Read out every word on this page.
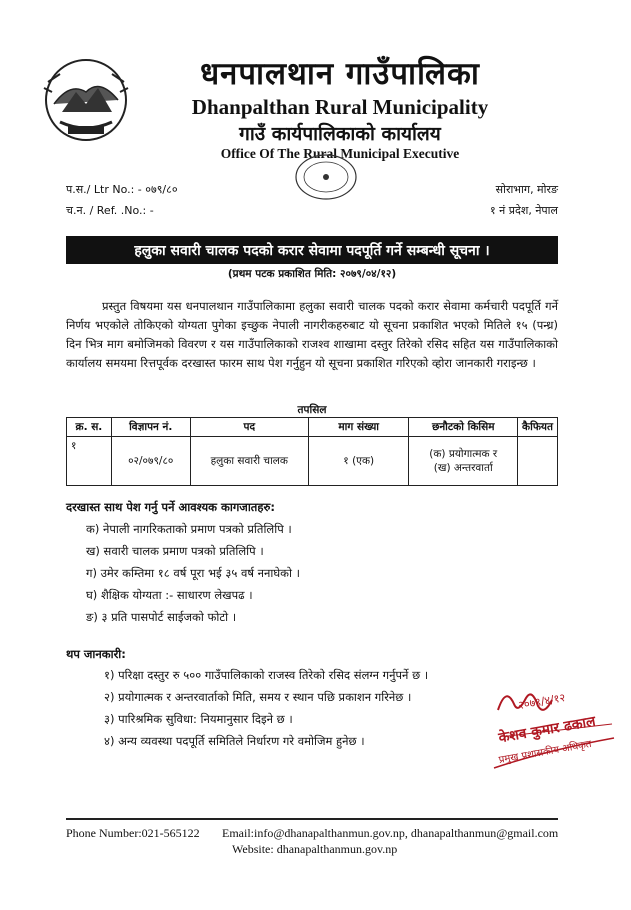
धनपालथान गाउँपालिका
Dhanpalthan Rural Municipality
गाउँ कार्यपालिकाको कार्यालय
Office Of The Rural Municipal Executive
प.स./ Ltr No.: - ०७९/८०
च.न. / Ref. .No.: -
सोराभाग, मोरङ
१ नं प्रदेश, नेपाल
हलुका सवारी चालक पदको करार सेवामा पदपूर्ति गर्ने सम्बन्धी सूचना ।
(प्रथम पटक प्रकाशित मिति: २०७९/०४/१२)
प्रस्तुत विषयमा यस धनपालथान गाउँपालिकामा हलुका सवारी चालक पदको करार सेवामा कर्मचारी पदपूर्ति गर्ने निर्णय भएकोले तोकिएको योग्यता पुगेका इच्छुक नेपाली नागरीकहरुबाट यो सूचना प्रकाशित भएको मितिले १५ (पन्ध्र) दिन भित्र माग बमोजिमको विवरण र यस गाउँपालिकाको राजश्व शाखामा दस्तुर तिरेको रसिद सहित यस गाउँपालिकाको कार्यालय समयमा रित्तपूर्वक दरखास्त फारम साथ पेश गर्नुहुन यो सूचना प्रकाशित गरिएको व्होरा जानकारी गराइन्छ ।
तपसिल
क्र. स.	विज्ञापन नं.	पद	माग संख्या	छनौटको किसिम	कैफियत
१	०२/०७९/८०	हलुका सवारी चालक	१ (एक)	(क) प्रयोगात्मक र
(ख) अन्तरवार्ता	

दरखास्त साथ पेश गर्नु पर्ने आवश्यक कागजातहरु:
क) नेपाली नागरिकताको प्रमाण पत्रको प्रतिलिपि ।
ख) सवारी चालक प्रमाण पत्रको प्रतिलिपि ।
ग) उमेर कम्तिमा १८ वर्ष पूरा भई ३५ वर्ष ननाघेको ।
घ) शैक्षिक योग्यता :- साधारण लेखपढ ।
ङ) ३ प्रति पासपोर्ट साईजको फोटो ।
थप जानकारी:
१) परिक्षा दस्तुर रु ५०० गाउँपालिकाको राजस्व तिरेको रसिद संलग्न गर्नुपर्ने छ ।
२) प्रयोगात्मक र अन्तरवार्ताको मिति, समय र स्थान पछि प्रकाशन गरिनेछ ।
३) पारिश्रमिक सुविधा: नियमानुसार दिइने छ ।
४) अन्य व्यवस्था पदपूर्ति समितिले निर्धारण गरे वमोजिम हुनेछ ।
२०७९/४/१२
केशव कुमार ढकाल
प्रमुख प्रशासकीय अधिकृत
Phone Number:021-565122 Email:info@dhanapalthanmun.gov.np, dhanapalthanmun@gmail.com
Website: dhanapalthanmun.gov.np
